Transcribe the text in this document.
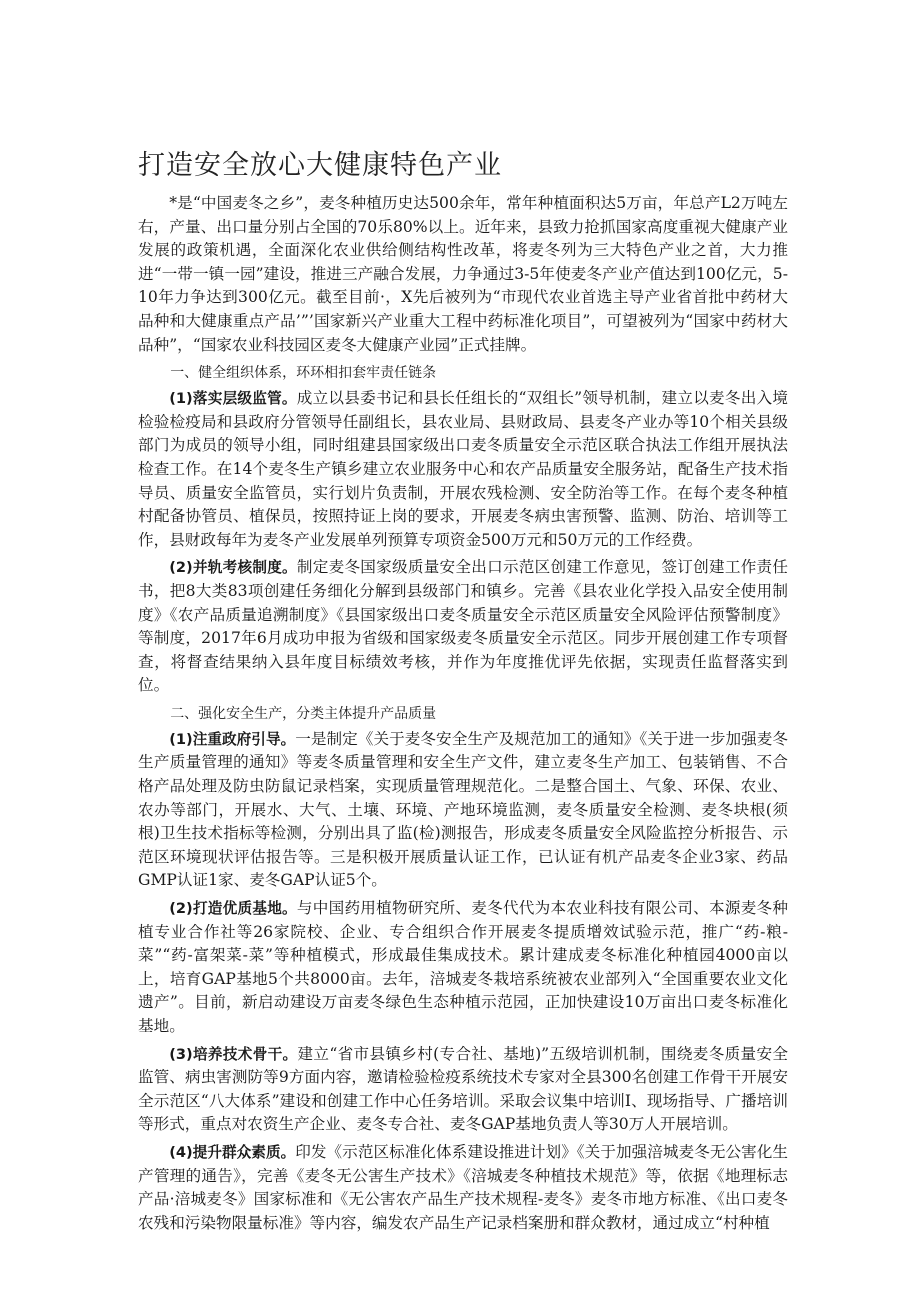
打造安全放心大健康特色产业

*是“中国麦冬之乡”，麦冬种植历史达500余年，常年种植面积达5万亩，年总产L2万吨左右，产量、出口量分别占全国的70乐80%以上。近年来，县致力抢抓国家高度重视大健康产业发展的政策机遇，全面深化农业供给侧结构性改革，将麦冬列为三大特色产业之首，大力推进“一带一镇一园”建设，推进三产融合发展，力争通过3-5年使麦冬产业产值达到100亿元，5-10年力争达到300亿元。截至目前·，X先后被列为“市现代农业首选主导产业省首批中药材大品种和大健康重点产品’”’国家新兴产业重大工程中药标准化项目”，可望被列为“国家中药材大品种”，“国家农业科技园区麦冬大健康产业园”正式挂牌。

一、健全组织体系，环环相扣套牢责任链条

(1)落实层级监管。成立以县委书记和县长任组长的“双组长”领导机制，建立以麦冬出入境检验检疫局和县政府分管领导任副组长，县农业局、县财政局、县麦冬产业办等10个相关县级部门为成员的领导小组，同时组建县国家级出口麦冬质量安全示范区联合执法工作组开展执法检查工作。在14个麦冬生产镇乡建立农业服务中心和农产品质量安全服务站，配备生产技术指导员、质量安全监管员，实行划片负责制，开展农残检测、安全防治等工作。在每个麦冬种植村配备协管员、植保员，按照持证上岗的要求，开展麦冬病虫害预警、监测、防治、培训等工作，县财政每年为麦冬产业发展单列预算专项资金500万元和50万元的工作经费。

(2)并轨考核制度。制定麦冬国家级质量安全出口示范区创建工作意见，签订创建工作责任书，把8大类83项创建任务细化分解到县级部门和镇乡。完善《县农业化学投入品安全使用制度》《农产品质量追溯制度》《县国家级出口麦冬质量安全示范区质量安全风险评估预警制度》等制度，2017年6月成功申报为省级和国家级麦冬质量安全示范区。同步开展创建工作专项督查，将督查结果纳入县年度目标绩效考核，并作为年度推优评先依据，实现责任监督落实到位。

二、强化安全生产，分类主体提升产品质量

(1)注重政府引导。一是制定《关于麦冬安全生产及规范加工的通知》《关于进一步加强麦冬生产质量管理的通知》等麦冬质量管理和安全生产文件，建立麦冬生产加工、包装销售、不合格产品处理及防虫防鼠记录档案，实现质量管理规范化。二是整合国土、气象、环保、农业、农办等部门，开展水、大气、土壤、环境、产地环境监测，麦冬质量安全检测、麦冬块根(须根)卫生技术指标等检测，分别出具了监(检)测报告，形成麦冬质量安全风险监控分析报告、示范区环境现状评估报告等。三是积极开展质量认证工作，已认证有机产品麦冬企业3家、药品GMP认证1家、麦冬GAP认证5个。

(2)打造优质基地。与中国药用植物研究所、麦冬代代为本农业科技有限公司、本源麦冬种植专业合作社等26家院校、企业、专合组织合作开展麦冬提质增效试验示范，推广“药-粮-菜”“药-富架菜-菜”等种植模式，形成最佳集成技术。累计建成麦冬标准化种植园4000亩以上，培育GAP基地5个共8000亩。去年，涪城麦冬栽培系统被农业部列入“全国重要农业文化遗产”。目前，新启动建设万亩麦冬绿色生态种植示范园，正加快建设10万亩出口麦冬标准化基地。

(3)培养技术骨干。建立“省市县镇乡村(专合社、基地)”五级培训机制，围绕麦冬质量安全监管、病虫害测防等9方面内容，邀请检验检疫系统技术专家对全县300名创建工作骨干开展安全示范区“八大体系”建设和创建工作中心任务培训。采取会议集中培训I、现场指导、广播培训等形式，重点对农资生产企业、麦冬专合社、麦冬GAP基地负责人等30万人开展培训。

(4)提升群众素质。印发《示范区标准化体系建设推进计划》《关于加强涪城麦冬无公害化生产管理的通告》，完善《麦冬无公害生产技术》《涪城麦冬种植技术规范》等，依据《地理标志产品·涪城麦冬》国家标准和《无公害农产品生产技术规程-麦冬》麦冬市地方标准、《出口麦冬农残和污染物限量标准》等内容，编发农产品生产记录档案册和群众教材，通过成立“村种植
